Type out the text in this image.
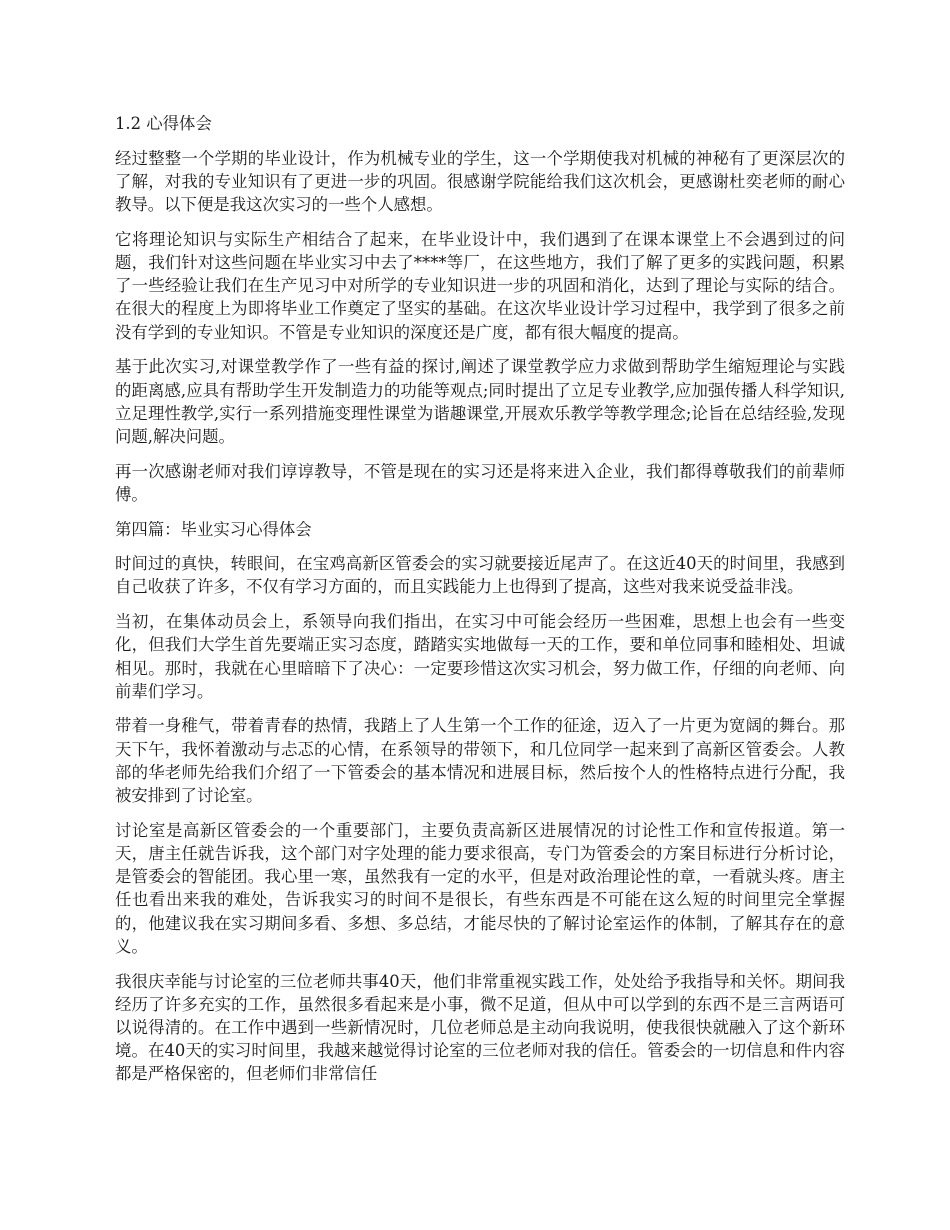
1.2 心得体会

经过整整一个学期的毕业设计，作为机械专业的学生，这一个学期使我对机械的神秘有了更深层次的了解，对我的专业知识有了更进一步的巩固。很感谢学院能给我们这次机会，更感谢杜奕老师的耐心教导。以下便是我这次实习的一些个人感想。

它将理论知识与实际生产相结合了起来，在毕业设计中，我们遇到了在课本课堂上不会遇到过的问题，我们针对这些问题在毕业实习中去了****等厂，在这些地方，我们了解了更多的实践问题，积累了一些经验让我们在生产见习中对所学的专业知识进一步的巩固和消化，达到了理论与实际的结合。在很大的程度上为即将毕业工作奠定了坚实的基础。在这次毕业设计学习过程中，我学到了很多之前没有学到的专业知识。不管是专业知识的深度还是广度，都有很大幅度的提高。

基于此次实习,对课堂教学作了一些有益的探讨,阐述了课堂教学应力求做到帮助学生缩短理论与实践的距离感,应具有帮助学生开发制造力的功能等观点;同时提出了立足专业教学,应加强传播人科学知识,立足理性教学,实行一系列措施变理性课堂为谐趣课堂,开展欢乐教学等教学理念;论旨在总结经验,发现问题,解决问题。

再一次感谢老师对我们谆谆教导，不管是现在的实习还是将来进入企业，我们都得尊敬我们的前辈师傅。

第四篇：毕业实习心得体会

时间过的真快，转眼间，在宝鸡高新区管委会的实习就要接近尾声了。在这近40天的时间里，我感到自己收获了许多，不仅有学习方面的，而且实践能力上也得到了提高，这些对我来说受益非浅。

当初，在集体动员会上，系领导向我们指出，在实习中可能会经历一些困难，思想上也会有一些变化，但我们大学生首先要端正实习态度，踏踏实实地做每一天的工作，要和单位同事和睦相处、坦诚相见。那时，我就在心里暗暗下了决心：一定要珍惜这次实习机会，努力做工作，仔细的向老师、向前辈们学习。

带着一身稚气，带着青春的热情，我踏上了人生第一个工作的征途，迈入了一片更为宽阔的舞台。那天下午，我怀着激动与忐忑的心情，在系领导的带领下，和几位同学一起来到了高新区管委会。人教部的华老师先给我们介绍了一下管委会的基本情况和进展目标，然后按个人的性格特点进行分配，我被安排到了讨论室。

讨论室是高新区管委会的一个重要部门，主要负责高新区进展情况的讨论性工作和宣传报道。第一天，唐主任就告诉我，这个部门对字处理的能力要求很高，专门为管委会的方案目标进行分析讨论，是管委会的智能团。我心里一寒，虽然我有一定的水平，但是对政治理论性的章，一看就头疼。唐主任也看出来我的难处，告诉我实习的时间不是很长，有些东西是不可能在这么短的时间里完全掌握的，他建议我在实习期间多看、多想、多总结，才能尽快的了解讨论室运作的体制，了解其存在的意义。

我很庆幸能与讨论室的三位老师共事40天，他们非常重视实践工作，处处给予我指导和关怀。期间我经历了许多充实的工作，虽然很多看起来是小事，微不足道，但从中可以学到的东西不是三言两语可以说得清的。在工作中遇到一些新情况时，几位老师总是主动向我说明，使我很快就融入了这个新环境。在40天的实习时间里，我越来越觉得讨论室的三位老师对我的信任。管委会的一切信息和件内容都是严格保密的，但老师们非常信任
